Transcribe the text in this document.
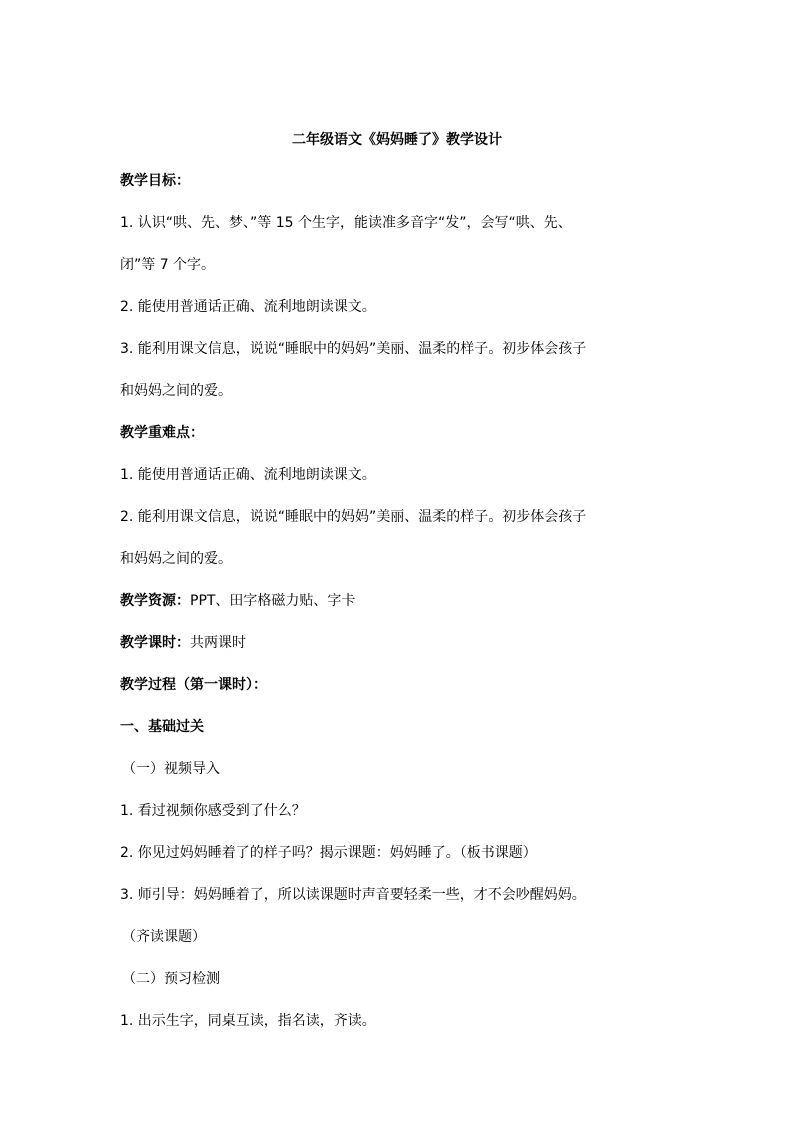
二年级语文《妈妈睡了》教学设计
教学目标：
1. 认识“哄、先、梦、”等 15 个生字，能读准多音字“发”，会写“哄、先、
闭”等 7 个字。
2. 能使用普通话正确、流利地朗读课文。
3. 能利用课文信息，说说“睡眠中的妈妈”美丽、温柔的样子。初步体会孩子
和妈妈之间的爱。
教学重难点：
1. 能使用普通话正确、流利地朗读课文。
2. 能利用课文信息，说说“睡眠中的妈妈”美丽、温柔的样子。初步体会孩子
和妈妈之间的爱。
教学资源：PPT、田字格磁力贴、字卡
教学课时：共两课时
教学过程（第一课时）：
一、基础过关
（一）视频导入
1. 看过视频你感受到了什么？
2. 你见过妈妈睡着了的样子吗？揭示课题：妈妈睡了。（板书课题）
3. 师引导：妈妈睡着了，所以读课题时声音要轻柔一些，才不会吵醒妈妈。
（齐读课题）
（二）预习检测
1. 出示生字，同桌互读，指名读，齐读。
